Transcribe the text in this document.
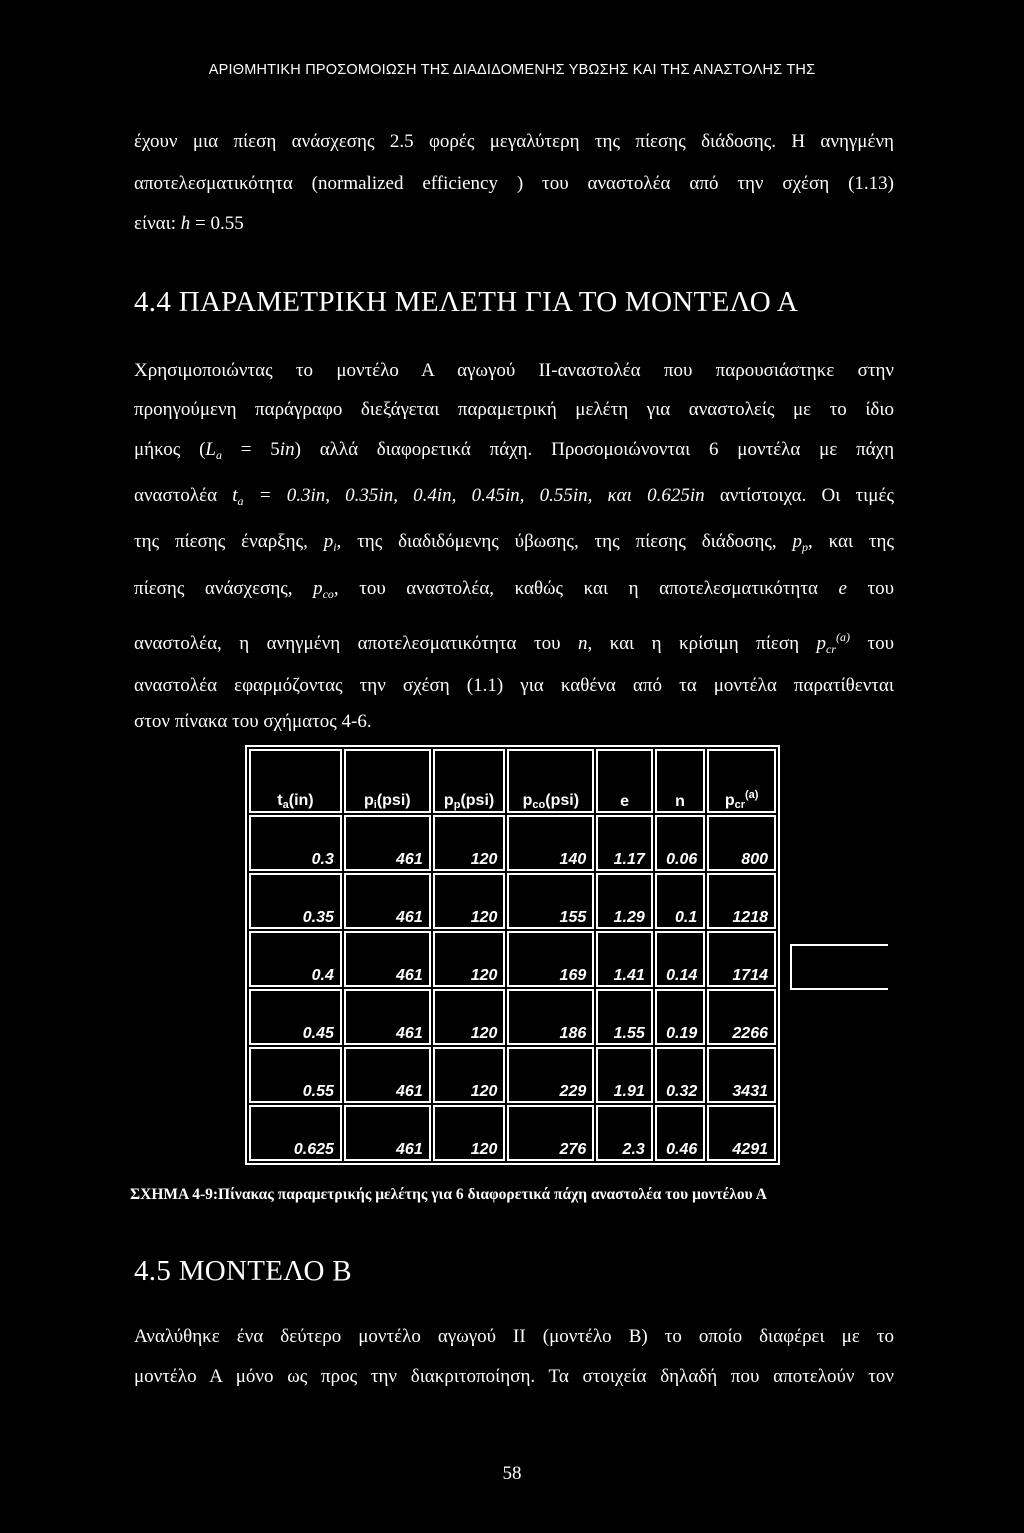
ΑΡΙΘΜΗΤΙΚΗ ΠΡΟΣΟΜΟΙΩΣΗ ΤΗΣ ΔΙΑΔΙΔΟΜΕΝΗΣ ΥΒΩΣΗΣ ΚΑΙ ΤΗΣ ΑΝΑΣΤΟΛΗΣ ΤΗΣ
έχουν μια πίεση ανάσχεσης 2.5 φορές μεγαλύτερη της πίεσης διάδοσης. Η ανηγμένη
αποτελεσματικότητα (normalized efficiency ) του αναστολέα από την σχέση (1.13)
είναι: h = 0.55
4.4 ΠΑΡΑΜΕΤΡΙΚΗ ΜΕΛΕΤΗ ΓΙΑ ΤΟ ΜΟΝΤΕΛΟ Α
Χρησιμοποιώντας το μοντέλο Α αγωγού ΙΙ-αναστολέα που παρουσιάστηκε στην
προηγούμενη παράγραφο διεξάγεται παραμετρική μελέτη για αναστολείς με το ίδιο
μήκος $(L_a = 5in)$ αλλά διαφορετικά πάχη. Προσομοιώνονται 6 μοντέλα με πάχη
αναστολέα $t_a = 0.3in$, 0.35in, 0.4in, 0.45in, 0.55in, και 0.625in αντίστοιχα. Οι τιμές
της πίεσης έναρξης, $p_i$, της διαδιδόμενης ύβωσης, της πίεσης διάδοσης, $p_p$, και της
πίεσης ανάσχεσης, $p_{co}$, του αναστολέα, καθώς και η αποτελεσματικότητα e του
αναστολέα, η ανηγμένη αποτελεσματικότητα του n, και η κρίσιμη πίεση $p_{cr}^{(a)}$ του
αναστολέα εφαρμόζοντας την σχέση (1.1) για καθένα από τα μοντέλα παρατίθενται
στον πίνακα του σχήματος 4-6.
ta(in)	pi(psi)	pp(psi)	pco(psi)	e	n	pcr$^{(a)}$
0.3	461	120	140	1.17	0.06	800
0.35	461	120	155	1.29	0.1	1218
0.4	461	120	169	1.41	0.14	1714
0.45	461	120	186	1.55	0.19	2266
0.55	461	120	229	1.91	0.32	3431
0.625	461	120	276	2.3	0.46	4291
ΣΧΗΜΑ 4-9:Πίνακας παραμετρικής μελέτης για 6 διαφορετικά πάχη αναστολέα του μοντέλου Α
4.5 ΜΟΝΤΕΛΟ Β
Αναλύθηκε ένα δεύτερο μοντέλο αγωγού ΙΙ (μοντέλο Β) το οποίο διαφέρει με το
μοντέλο Α μόνο ως προς την διακριτοποίηση. Τα στοιχεία δηλαδή που αποτελούν τον
58
